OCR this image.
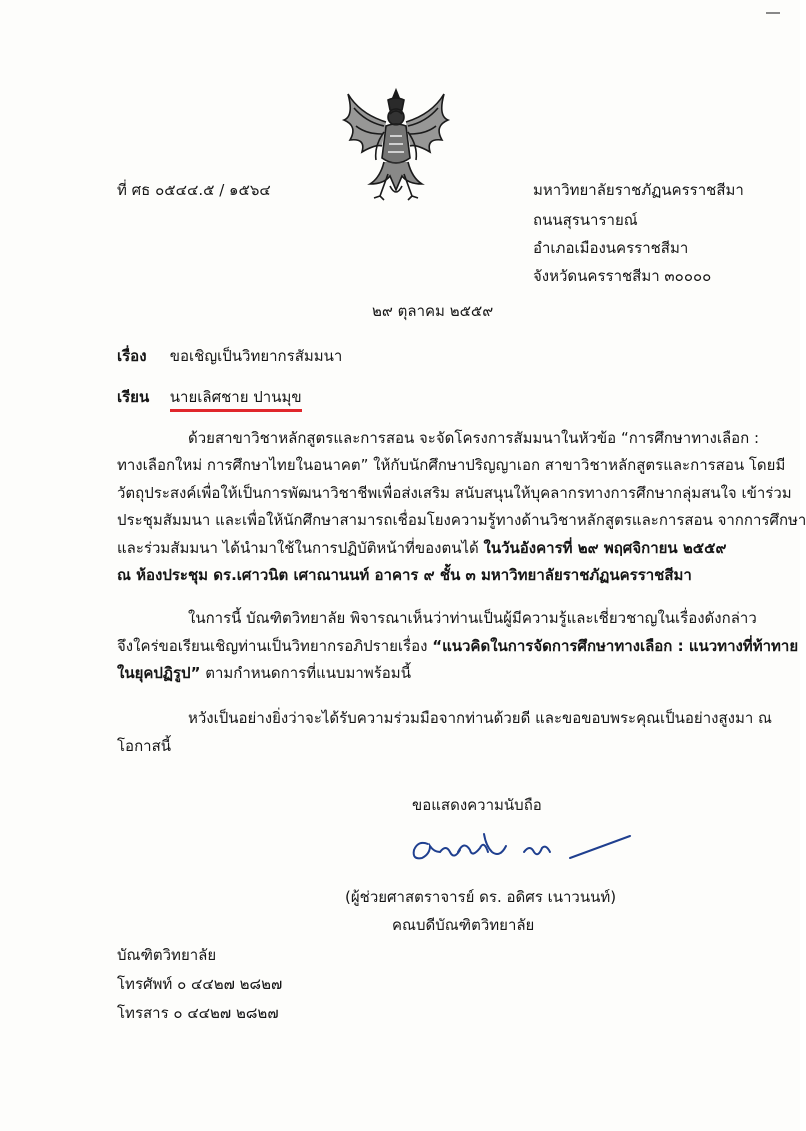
ที่ ศธ ๐๕๔๔.๕ / ๑๕๖๔	มหาวิทยาลัยราชภัฏนครราชสีมา
ถนนสุรนารายณ์
อำเภอเมืองนครราชสีมา
จังหวัดนครราชสีมา ๓๐๐๐๐
๒๙ ตุลาคม ๒๕๕๙
เรื่อง ขอเชิญเป็นวิทยากรสัมมนา
เรียน นายเลิศชาย ปานมุข
ด้วยสาขาวิชาหลักสูตรและการสอน จะจัดโครงการสัมมนาในหัวข้อ “การศึกษาทางเลือก :
ทางเลือกใหม่ การศึกษาไทยในอนาคต” ให้กับนักศึกษาปริญญาเอก สาขาวิชาหลักสูตรและการสอน โดยมี
วัตถุประสงค์เพื่อให้เป็นการพัฒนาวิชาชีพเพื่อส่งเสริม สนับสนุนให้บุคลากรทางการศึกษากลุ่มสนใจ เข้าร่วม
ประชุมสัมมนา และเพื่อให้นักศึกษาสามารถเชื่อมโยงความรู้ทางด้านวิชาหลักสูตรและการสอน จากการศึกษา
และร่วมสัมมนา ได้นำมาใช้ในการปฏิบัติหน้าที่ของตนได้ ในวันอังคารที่ ๒๙ พฤศจิกายน ๒๕๕๙
ณ ห้องประชุม ดร.เศาวนิต เศาณานนท์ อาคาร ๙ ชั้น ๓ มหาวิทยาลัยราชภัฏนครราชสีมา
ในการนี้ บัณฑิตวิทยาลัย พิจารณาเห็นว่าท่านเป็นผู้มีความรู้และเชี่ยวชาญในเรื่องดังกล่าว
จึงใคร่ขอเรียนเชิญท่านเป็นวิทยากรอภิปรายเรื่อง “แนวคิดในการจัดการศึกษาทางเลือก : แนวทางที่ท้าทาย
ในยุคปฏิรูป” ตามกำหนดการที่แนบมาพร้อมนี้
หวังเป็นอย่างยิ่งว่าจะได้รับความร่วมมือจากท่านด้วยดี และขอขอบพระคุณเป็นอย่างสูงมา ณ
โอกาสนี้
ขอแสดงความนับถือ
(ผู้ช่วยศาสตราจารย์ ดร. อดิศร เนาวนนท์)
คณบดีบัณฑิตวิทยาลัย
บัณฑิตวิทยาลัย
โทรศัพท์ ๐ ๔๔๒๗ ๒๘๒๗
โทรสาร ๐ ๔๔๒๗ ๒๘๒๗
